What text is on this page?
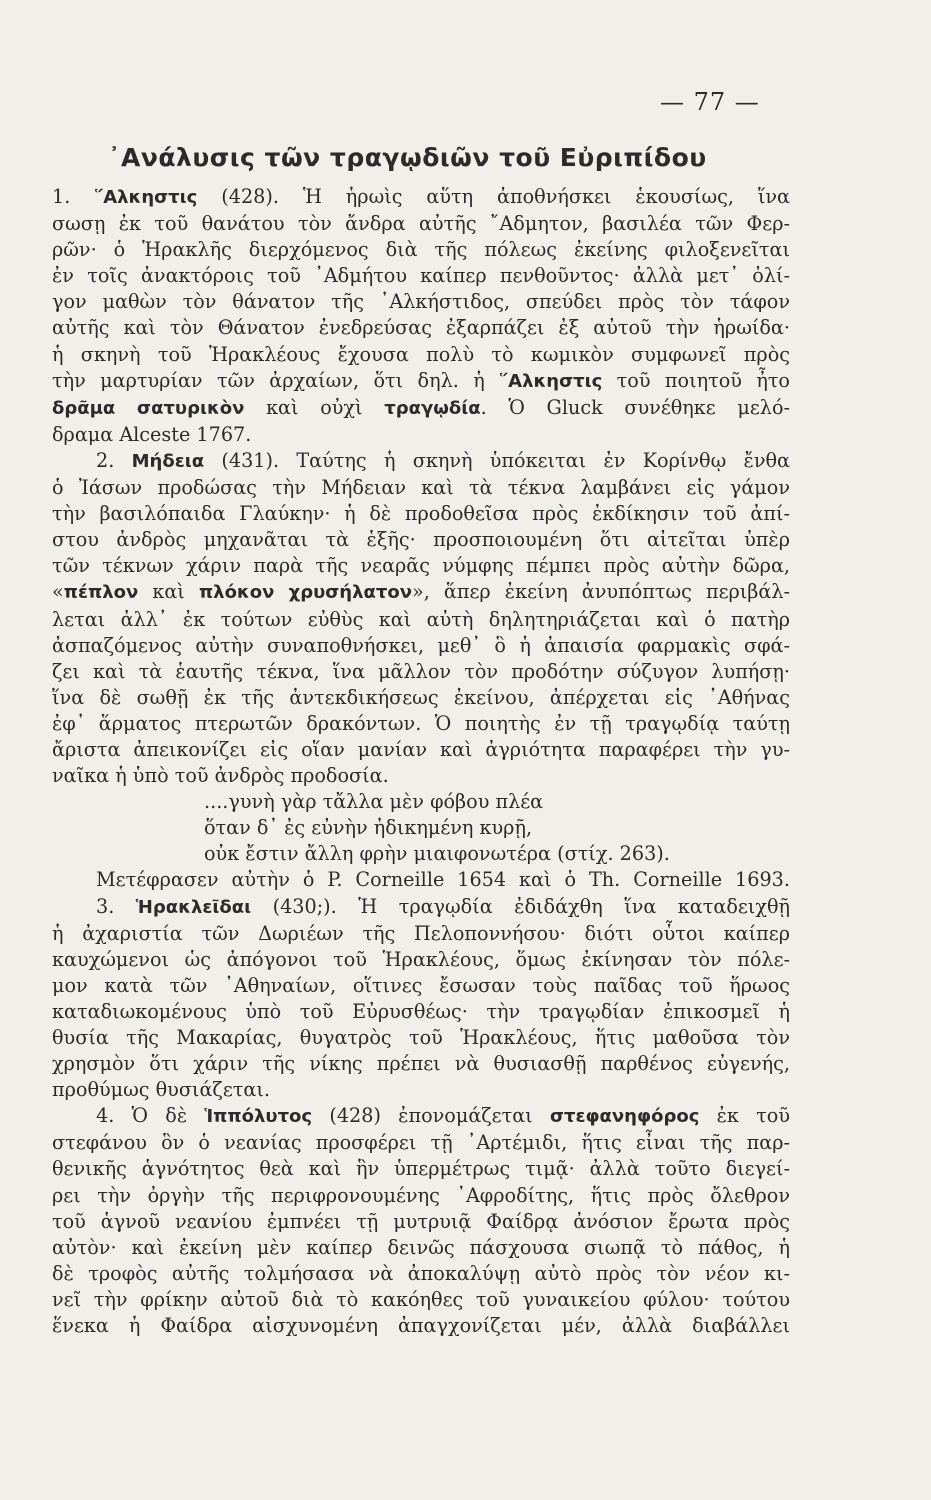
— 77 —
᾿Ανάλυσις τῶν τραγῳδιῶν τοῦ Εὐριπίδου
1. ῞Αλκηστις (428). Ἡ ἡρωὶς αὕτη ἀποθνήσκει ἑκουσίως, ἵνα
σωσῃ ἐκ τοῦ θανάτου τὸν ἄνδρα αὐτῆς ῎Αδμητον, βασιλέα τῶν Φερ-
ρῶν· ὁ Ἡρακλῆς διερχόμενος διὰ τῆς πόλεως ἐκείνης φιλοξενεῖται
ἐν τοῖς ἀνακτόροις τοῦ ᾿Αδμήτου καίπερ πενθοῦντος· ἀλλὰ μετ᾿ ὀλί-
γον μαθὼν τὸν θάνατον τῆς ᾿Αλκήστιδος, σπεύδει πρὸς τὸν τάφον
αὐτῆς καὶ τὸν Θάνατον ἐνεδρεύσας ἐξαρπάζει ἐξ αὐτοῦ τὴν ἡρωίδα·
ἡ σκηνὴ τοῦ Ἡρακλέους ἔχουσα πολὺ τὸ κωμικὸν συμφωνεῖ πρὸς
τὴν μαρτυρίαν τῶν ἀρχαίων, ὅτι δηλ. ἡ ῞Αλκηστις τοῦ ποιητοῦ ἦτο
δρᾶμα σατυρικὸν καὶ οὐχὶ τραγῳδία. Ὁ Gluck συνέθηκε μελό-
δραμα Alceste 1767.
2. Μήδεια (431). Ταύτης ἡ σκηνὴ ὑπόκειται ἐν Κορίνθῳ ἔνθα
ὁ Ἰάσων προδώσας τὴν Μήδειαν καὶ τὰ τέκνα λαμβάνει εἰς γάμον
τὴν βασιλόπαιδα Γλαύκην· ἡ δὲ προδοθεῖσα πρὸς ἐκδίκησιν τοῦ ἀπί-
στου ἀνδρὸς μηχανᾶται τὰ ἑξῆς· προσποιουμένη ὅτι αἰτεῖται ὑπὲρ
τῶν τέκνων χάριν παρὰ τῆς νεαρᾶς νύμφης πέμπει πρὸς αὐτὴν δῶρα,
«πέπλον καὶ πλόκον χρυσήλατον», ἅπερ ἐκείνη ἀνυπόπτως περιβάλ-
λεται ἀλλ᾿ ἐκ τούτων εὐθὺς καὶ αὐτὴ δηλητηριάζεται καὶ ὁ πατὴρ
ἀσπαζόμενος αὐτὴν συναποθνήσκει, μεθ᾿ ὃ ἡ ἀπαισία φαρμακὶς σφά-
ζει καὶ τὰ ἑαυτῆς τέκνα, ἵνα μᾶλλον τὸν προδότην σύζυγον λυπήσῃ·
ἵνα δὲ σωθῇ ἐκ τῆς ἀντεκδικήσεως ἐκείνου, ἀπέρχεται εἰς ᾿Αθήνας
ἐφ᾿ ἅρματος πτερωτῶν δρακόντων. Ὁ ποιητὴς ἐν τῇ τραγῳδίᾳ ταύτῃ
ἄριστα ἀπεικονίζει εἰς οἵαν μανίαν καὶ ἀγριότητα παραφέρει τὴν γυ-
ναῖκα ἡ ὑπὸ τοῦ ἀνδρὸς προδοσία.
....γυνὴ γὰρ τἄλλα μὲν φόβου πλέα
ὅταν δ᾿ ἐς εὐνὴν ἠδικημένη κυρῇ,
οὐκ ἔστιν ἄλλη φρὴν μιαιφονωτέρα (στίχ. 263).
Μετέφρασεν αὐτὴν ὁ P. Corneille 1654 καὶ ὁ Th. Corneille 1693.
3. Ἡρακλεῖδαι (430;). Ἡ τραγῳδία ἐδιδάχθη ἵνα καταδειχθῇ
ἡ ἀχαριστία τῶν Δωριέων τῆς Πελοποννήσου· διότι οὗτοι καίπερ
καυχώμενοι ὡς ἀπόγονοι τοῦ Ἡρακλέους, ὅμως ἐκίνησαν τὸν πόλε-
μον κατὰ τῶν ᾿Αθηναίων, οἵτινες ἔσωσαν τοὺς παῖδας τοῦ ἥρωος
καταδιωκομένους ὑπὸ τοῦ Εὐρυσθέως· τὴν τραγῳδίαν ἐπικοσμεῖ ἡ
θυσία τῆς Μακαρίας, θυγατρὸς τοῦ Ἡρακλέους, ἥτις μαθοῦσα τὸν
χρησμὸν ὅτι χάριν τῆς νίκης πρέπει νὰ θυσιασθῇ παρθένος εὐγενής,
προθύμως θυσιάζεται.
4. Ὁ δὲ Ἱππόλυτος (428) ἐπονομάζεται στεφανηφόρος ἐκ τοῦ
στεφάνου ὃν ὁ νεανίας προσφέρει τῇ ᾿Αρτέμιδι, ἥτις εἶναι τῆς παρ-
θενικῆς ἁγνότητος θεὰ καὶ ἣν ὑπερμέτρως τιμᾷ· ἀλλὰ τοῦτο διεγεί-
ρει τὴν ὀργὴν τῆς περιφρονουμένης ᾿Αφροδίτης, ἥτις πρὸς ὄλεθρον
τοῦ ἁγνοῦ νεανίου ἐμπνέει τῇ μυτρυιᾷ Φαίδρᾳ ἀνόσιον ἔρωτα πρὸς
αὐτὸν· καὶ ἐκείνη μὲν καίπερ δεινῶς πάσχουσα σιωπᾷ τὸ πάθος, ἡ
δὲ τροφὸς αὐτῆς τολμήσασα νὰ ἀποκαλύψῃ αὐτὸ πρὸς τὸν νέον κι-
νεῖ τὴν φρίκην αὐτοῦ διὰ τὸ κακόηθες τοῦ γυναικείου φύλου· τούτου
ἕνεκα ἡ Φαίδρα αἰσχυνομένη ἀπαγχονίζεται μέν, ἀλλὰ διαβάλλει
